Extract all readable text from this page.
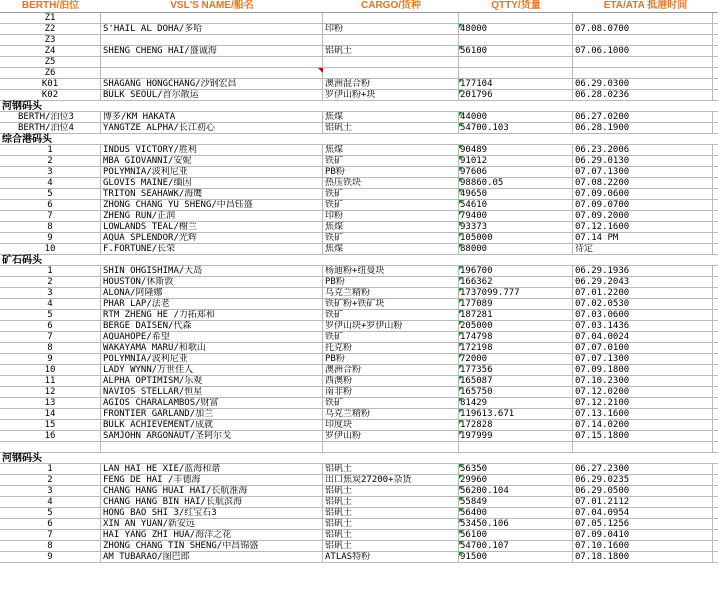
BERTH/泊位	VSL'S NAME/船名	CARGO/货种	QTTY/货量	ETA/ATA 抵港时间
Z1
Z2	S'HAIL AL DOHA/多哈	印粉	48000	07.08.0700
Z3
Z4	SHENG CHENG HAI/盛诚海	铝矾土	56100	07.06.1000
Z5
Z6
K01	SHAGANG HONGCHANG/沙钢宏昌	澳洲混合粉	177104	06.29.0300
K02	BULK SEOUL/首尔散运	罗伊山粉+块	201796	06.28.0236
河钢码头
BERTH/泊位3	博多/KM HAKATA	焦煤	44000	06.27.0200
BERTH/泊位4	YANGTZE ALPHA/长江初心	铝矾土	54700.103	06.28.1900
综合港码头
1	INDUS VICTORY/胜利	焦煤	90489	06.23.2006
2	MBA GIOVANNI/安妮	铁矿	91012	06.29.0130
3	POLYMNIA/波利尼亚	PB粉	97606	07.07.1300
4	GLOVIS MAINE/缅因	热压铁块	98860.05	07.08.2200
5	TRITON SEAHAWK/海鹰	铁矿	49650	07.09.0600
6	ZHONG CHANG YU SHENG/中昌钰盛	铁矿	54610	07.09.0700
7	ZHENG RUN/正润	印粉	79400	07.09.2000
8	LOWLANDS TEAL/榭兰	焦煤	93373	07.12.1600
9	AQUA SPLENDOR/光辉	铁矿	105000	07.14 PM
10	F.FORTUNE/长荣	焦煤	88000	待定
矿石码头
1	SHIN OHGISHIMA/大岛	杨迪粉+纽曼块	196700	06.29.1936
2	HOUSTON/休斯敦	PB粉	166362	06.29.2043
3	ALONA/阿隆娜	乌克兰精粉	1737099.777	07.01.2200
4	PHAR LAP/法老	铁矿粉+铁矿块	177089	07.02.0530
5	RTM ZHENG HE /力拓郑和	铁矿	187281	07.03.0600
6	BERGE DAISEN/代森	罗伊山块+罗伊山粉	205000	07.03.1436
7	AQUAHOPE/希望	铁矿	174798	07.04.0024
8	WAKAYAMA MARU/和歌山	托克粉	172198	07.07.0100
9	POLYMNIA/波利尼亚	PB粉	72000	07.07.1300
10	LADY WYNN/万世佳人	澳洲合粉	177356	07.09.1800
11	ALPHA OPTIMISM/乐观	西澳粉	165087	07.10.2300
12	NAVIOS STELLAR/恒星	南非粉	165750	07.12.0200
13	AGIOS CHARALAMBOS/财富	铁矿	81429	07.12.2100
14	FRONTIER GARLAND/加兰	乌克兰精粉	119613.671	07.13.1600
15	BULK ACHIEVEMENT/成就	印度块	172828	07.14.0200
16	SAMJOHN ARGONAUT/圣阿尔戈	罗伊山粉	197999	07.15.1800
河钢码头
1	LAN HAI HE XIE/蓝海和谐	铝矾土	56350	06.27.2300
2	FENG DE HAI /丰德海	出口焦炭27200+杂货	29960	06.29.0235
3	CHANG HANG HUAI HAI/长航淮海	铝矾土	56200.104	06.29.0500
4	CHANG HANG BIN HAI/长航滨海	铝矾土	55849	07.01.2112
5	HONG BAO SHI 3/红宝石3	铝矾土	56400	07.04.0954
6	XIN AN YUAN/新安远	铝矾土	53450.106	07.05.1256
7	HAI YANG ZHI HUA/海洋之花	铝矾土	56100	07.09.0410
8	ZHONG CHANG TIN SHENG/中昌锦盛	铝矾土	54700.107	07.10.1600
9	AM TUBARAO/图巴郎	ATLAS特粉	91500	07.18.1800
